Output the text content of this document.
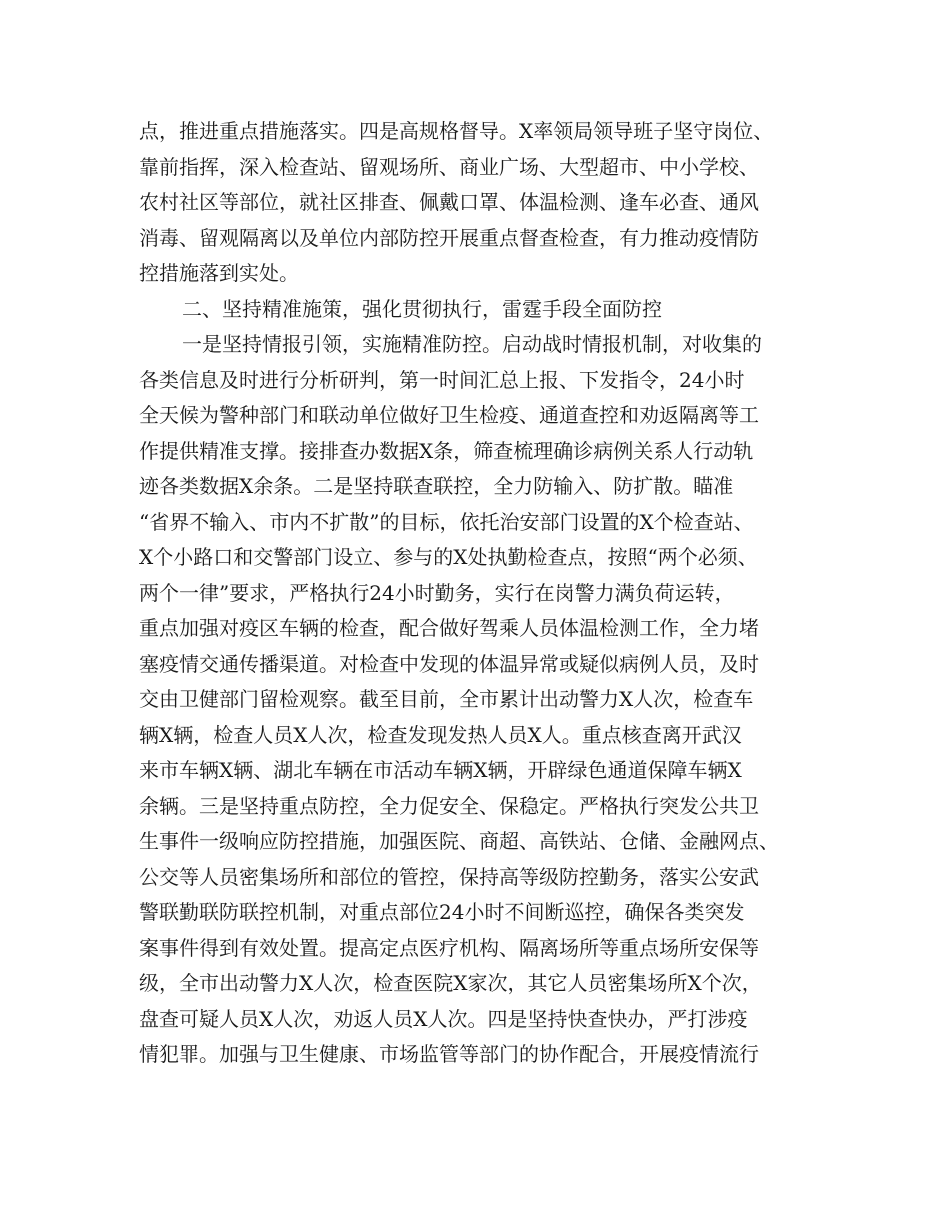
点，推进重点措施落实。四是高规格督导。X率领局领导班子坚守岗位、
靠前指挥，深入检查站、留观场所、商业广场、大型超市、中小学校、
农村社区等部位，就社区排查、佩戴口罩、体温检测、逢车必查、通风
消毒、留观隔离以及单位内部防控开展重点督查检查，有力推动疫情防
控措施落到实处。
二、坚持精准施策，强化贯彻执行，雷霆手段全面防控
一是坚持情报引领，实施精准防控。启动战时情报机制，对收集的
各类信息及时进行分析研判，第一时间汇总上报、下发指令，24小时
全天候为警种部门和联动单位做好卫生检疫、通道查控和劝返隔离等工
作提供精准支撑。接排查办数据X条，筛查梳理确诊病例关系人行动轨
迹各类数据X余条。二是坚持联查联控，全力防输入、防扩散。瞄准
“省界不输入、市内不扩散”的目标，依托治安部门设置的X个检查站、
X个小路口和交警部门设立、参与的X处执勤检查点，按照“两个必须、
两个一律”要求，严格执行24小时勤务，实行在岗警力满负荷运转，
重点加强对疫区车辆的检查，配合做好驾乘人员体温检测工作，全力堵
塞疫情交通传播渠道。对检查中发现的体温异常或疑似病例人员，及时
交由卫健部门留检观察。截至目前，全市累计出动警力X人次，检查车
辆X辆，检查人员X人次，检查发现发热人员X人。重点核查离开武汉
来市车辆X辆、湖北车辆在市活动车辆X辆，开辟绿色通道保障车辆X
余辆。三是坚持重点防控，全力促安全、保稳定。严格执行突发公共卫
生事件一级响应防控措施，加强医院、商超、高铁站、仓储、金融网点、
公交等人员密集场所和部位的管控，保持高等级防控勤务，落实公安武
警联勤联防联控机制，对重点部位24小时不间断巡控，确保各类突发
案事件得到有效处置。提高定点医疗机构、隔离场所等重点场所安保等
级，全市出动警力X人次，检查医院X家次，其它人员密集场所X个次，
盘查可疑人员X人次，劝返人员X人次。四是坚持快查快办，严打涉疫
情犯罪。加强与卫生健康、市场监管等部门的协作配合，开展疫情流行
